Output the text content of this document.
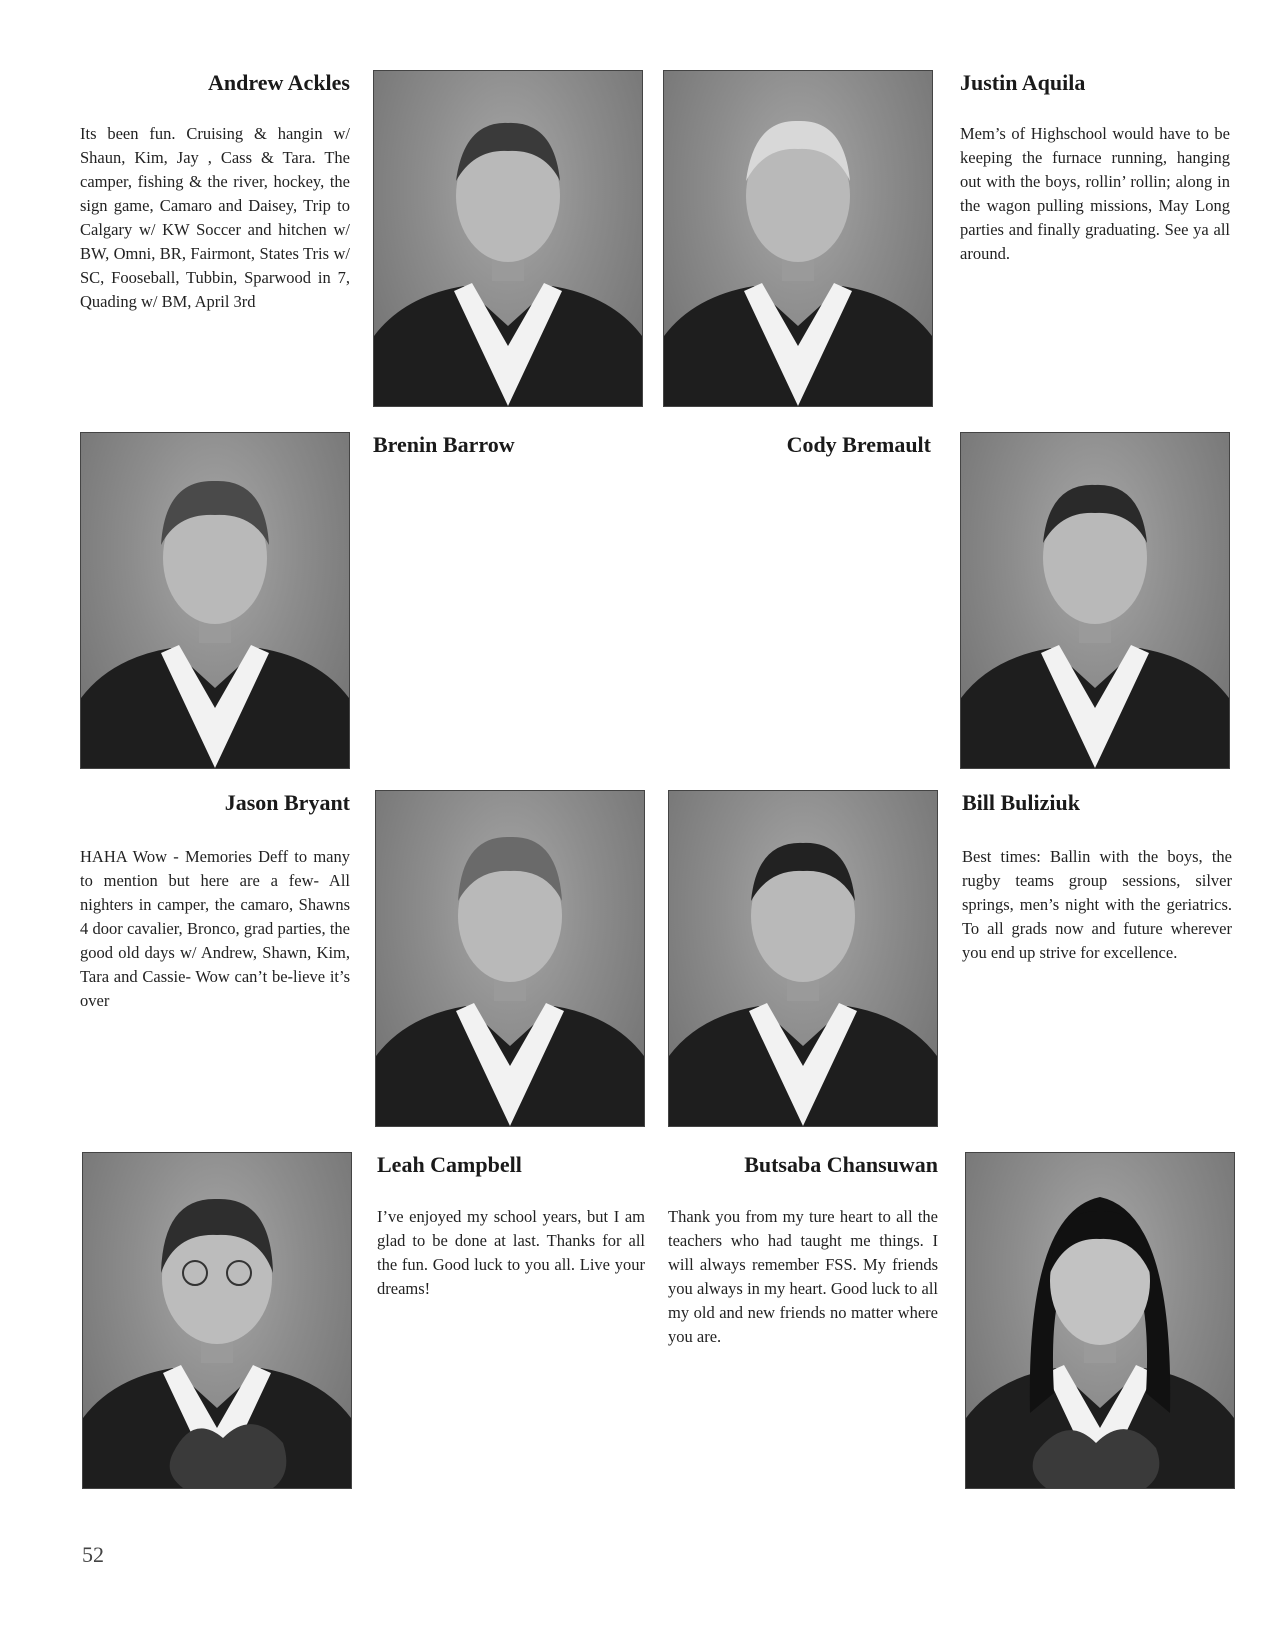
Andrew Ackles

Its been fun. Cruising & hangin w/ Shaun, Kim, Jay , Cass & Tara. The camper, fishing & the river, hockey, the sign game, Camaro and Daisey, Trip to Calgary w/ KW Soccer and hitchen w/ BW, Omni, BR, Fairmont, States Tris w/ SC, Fooseball, Tubbin, Sparwood in 7, Quading w/ BM, April 3rd

Justin Aquila

Mem’s of Highschool would have to be keeping the furnace running, hanging out with the boys, rollin’ rollin; along in the wagon pulling missions, May Long parties and finally graduating. See ya all around.

Brenin Barrow	Cody Bremault
Jason Bryant

HAHA Wow - Memories Deff to many to mention but here are a few- All nighters in camper, the camaro, Shawns 4 door cavalier, Bronco, grad parties, the good old days w/ Andrew, Shawn, Kim, Tara and Cassie- Wow can’t be-lieve it’s over

Bill Buliziuk

Best times: Ballin with the boys, the rugby teams group sessions, silver springs, men’s night with the geriatrics. To all grads now and future wherever you end up strive for excellence.

Leah Campbell

I’ve enjoyed my school years, but I am glad to be done at last. Thanks for all the fun. Good luck to you all. Live your dreams!

Butsaba Chansuwan

Thank you from my ture heart to all the teachers who had taught me things. I will always remember FSS. My friends you always in my heart. Good luck to all my old and new friends no matter where you are.

52
